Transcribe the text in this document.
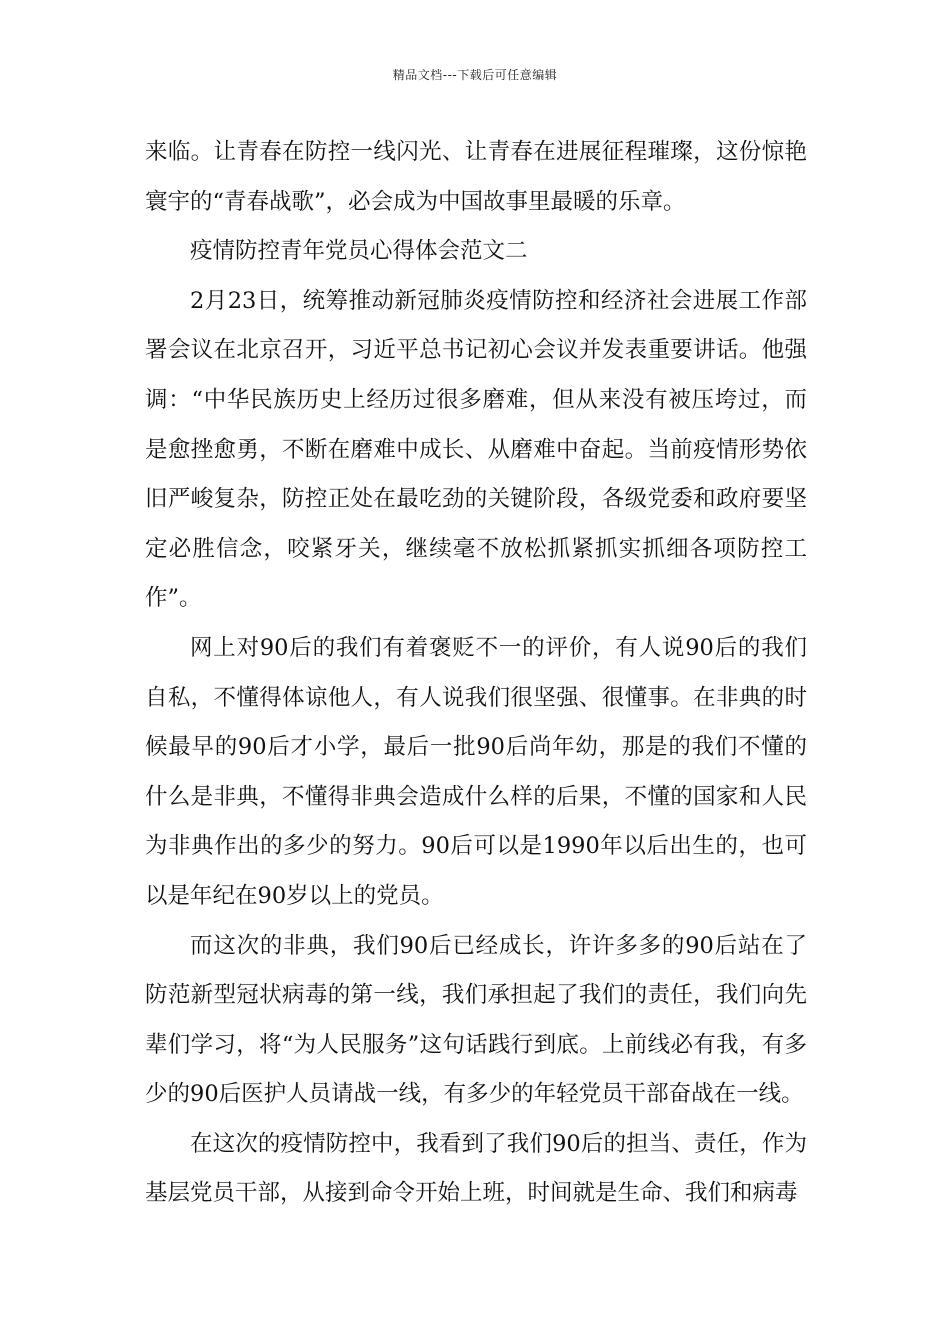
精品文档---下载后可任意编辑

来临。让青春在防控一线闪光、让青春在进展征程璀璨，这份惊艳寰宇的“青春战歌”，必会成为中国故事里最暖的乐章。

疫情防控青年党员心得体会范文二

2月23日，统筹推动新冠肺炎疫情防控和经济社会进展工作部署会议在北京召开，习近平总书记初心会议并发表重要讲话。他强调：“中华民族历史上经历过很多磨难，但从来没有被压垮过，而是愈挫愈勇，不断在磨难中成长、从磨难中奋起。当前疫情形势依旧严峻复杂，防控正处在最吃劲的关键阶段，各级党委和政府要坚定必胜信念，咬紧牙关，继续毫不放松抓紧抓实抓细各项防控工作”。

网上对90后的我们有着褒贬不一的评价，有人说90后的我们自私，不懂得体谅他人，有人说我们很坚强、很懂事。在非典的时候最早的90后才小学，最后一批90后尚年幼，那是的我们不懂的什么是非典，不懂得非典会造成什么样的后果，不懂的国家和人民为非典作出的多少的努力。90后可以是1990年以后出生的，也可以是年纪在90岁以上的党员。

而这次的非典，我们90后已经成长，许许多多的90后站在了防范新型冠状病毒的第一线，我们承担起了我们的责任，我们向先辈们学习，将“为人民服务”这句话践行到底。上前线必有我，有多少的90后医护人员请战一线，有多少的年轻党员干部奋战在一线。

在这次的疫情防控中，我看到了我们90后的担当、责任，作为基层党员干部，从接到命令开始上班，时间就是生命、我们和病毒
